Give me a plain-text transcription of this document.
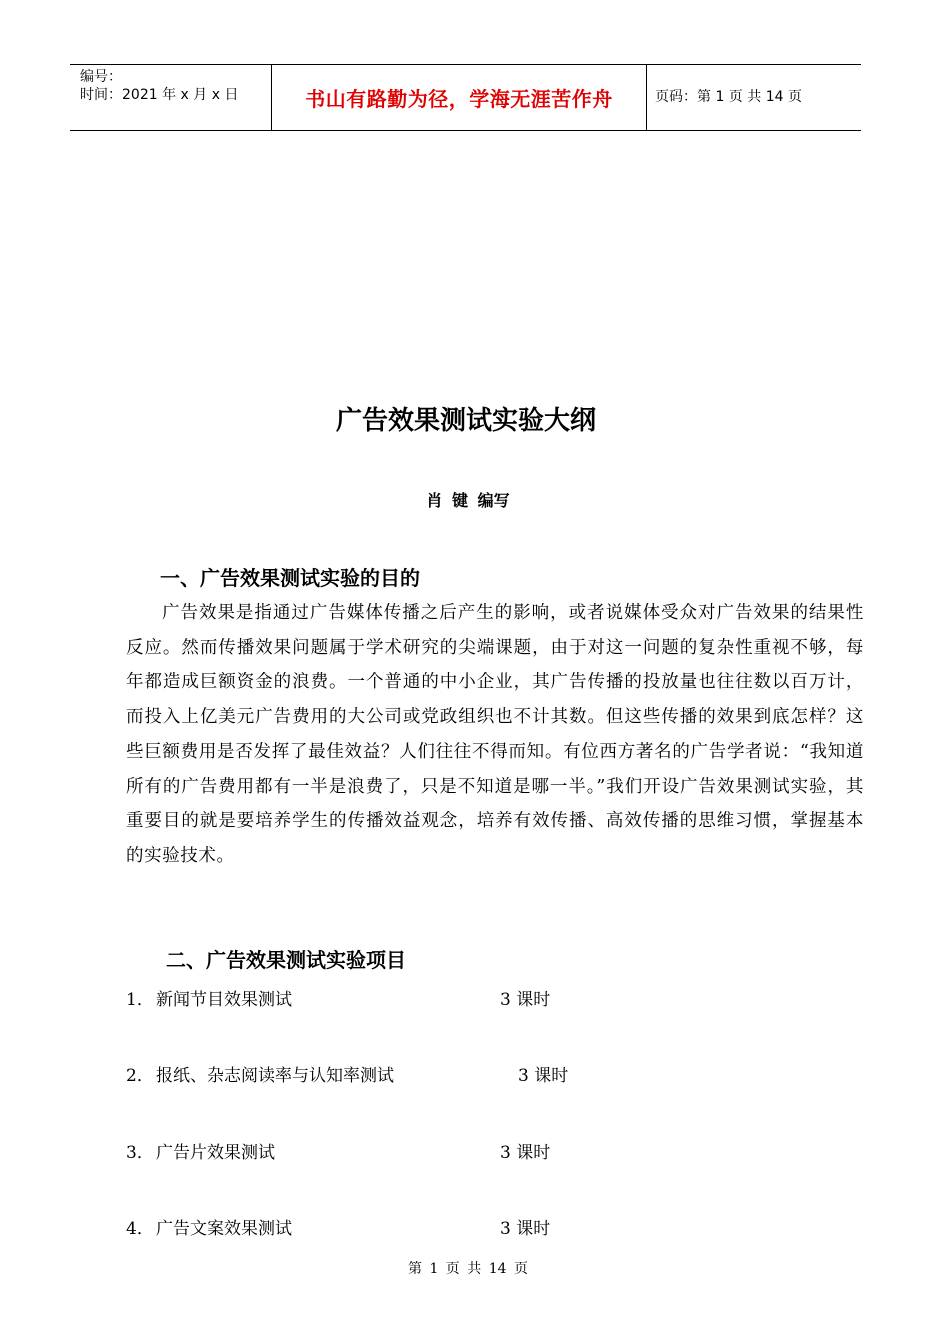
编号：
时间：2021 年 x 月 x 日	书山有路勤为径，学海无涯苦作舟	页码：第 1 页 共 14 页
广告效果测试实验大纲
肖 键 编写
一、广告效果测试实验的目的
广告效果是指通过广告媒体传播之后产生的影响，或者说媒体受众对广告效果的结果性反应。然而传播效果问题属于学术研究的尖端课题，由于对这一问题的复杂性重视不够，每年都造成巨额资金的浪费。一个普通的中小企业，其广告传播的投放量也往往数以百万计，而投入上亿美元广告费用的大公司或党政组织也不计其数。但这些传播的效果到底怎样？这些巨额费用是否发挥了最佳效益？人们往往不得而知。有位西方著名的广告学者说：“我知道所有的广告费用都有一半是浪费了，只是不知道是哪一半。”我们开设广告效果测试实验，其重要目的就是要培养学生的传播效益观念，培养有效传播、高效传播的思维习惯，掌握基本的实验技术。
二、广告效果测试实验项目
1． 新闻节目效果测试	3 课时
2． 报纸、杂志阅读率与认知率测试	3 课时
3． 广告片效果测试	3 课时
4． 广告文案效果测试	3 课时
第 1 页 共 14 页
